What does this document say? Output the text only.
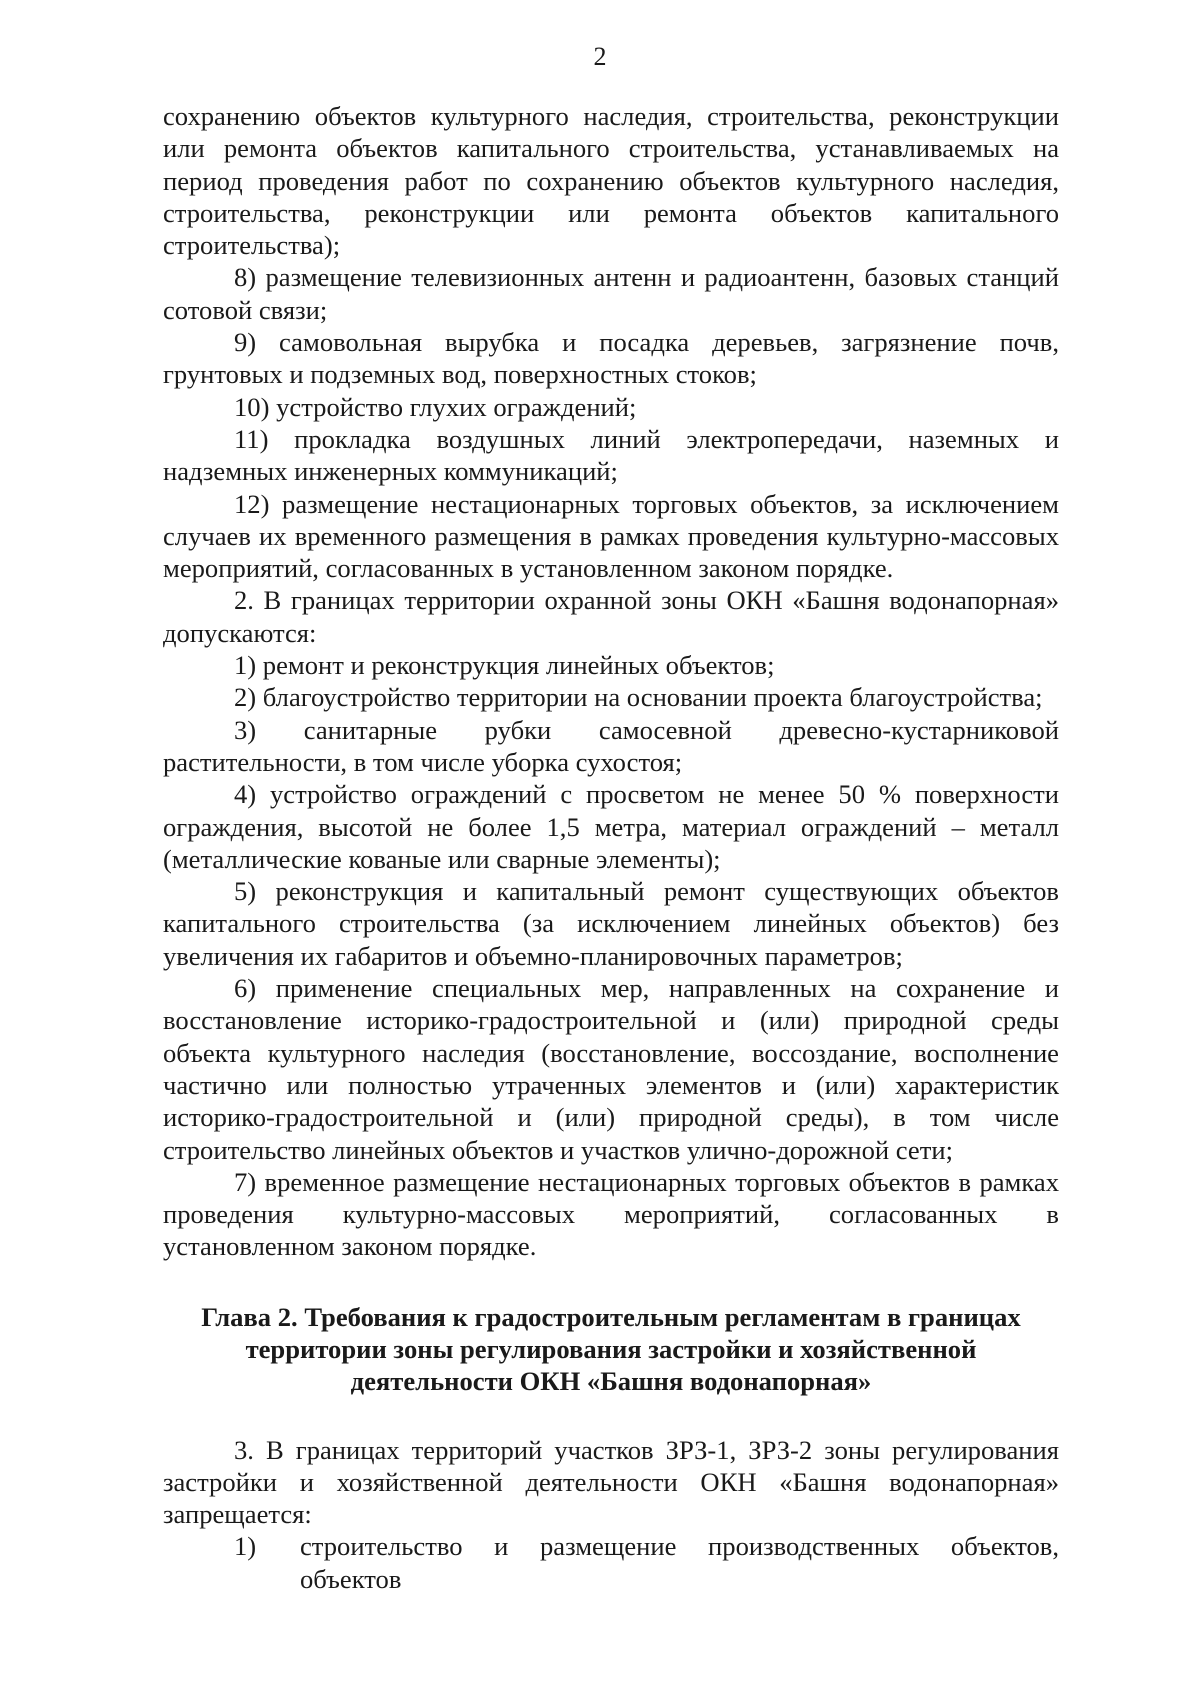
2

сохранению объектов культурного наследия, строительства, реконструкции или ремонта объектов капитального строительства, устанавливаемых на период проведения работ по сохранению объектов культурного наследия, строительства, реконструкции или ремонта объектов капитального строительства);

8) размещение телевизионных антенн и радиоантенн, базовых станций сотовой связи;

9) самовольная вырубка и посадка деревьев, загрязнение почв, грунтовых и подземных вод, поверхностных стоков;

10) устройство глухих ограждений;

11) прокладка воздушных линий электропередачи, наземных и надземных инженерных коммуникаций;

12) размещение нестационарных торговых объектов, за исключением случаев их временного размещения в рамках проведения культурно-массовых мероприятий, согласованных в установленном законом порядке.

2. В границах территории охранной зоны ОКН «Башня водонапорная» допускаются:

1) ремонт и реконструкция линейных объектов;

2) благоустройство территории на основании проекта благоустройства;

3) санитарные рубки самосевной древесно-кустарниковой растительности, в том числе уборка сухостоя;

4) устройство ограждений с просветом не менее 50 % поверхности ограждения, высотой не более 1,5 метра, материал ограждений – металл (металлические кованые или сварные элементы);

5) реконструкция и капитальный ремонт существующих объектов капитального строительства (за исключением линейных объектов) без увеличения их габаритов и объемно-планировочных параметров;

6) применение специальных мер, направленных на сохранение и восстановление историко-градостроительной и (или) природной среды объекта культурного наследия (восстановление, воссоздание, восполнение частично или полностью утраченных элементов и (или) характеристик историко-градостроительной и (или) природной среды), в том числе строительство линейных объектов и участков улично-дорожной сети;

7) временное размещение нестационарных торговых объектов в рамках проведения культурно-массовых мероприятий, согласованных в установленном законом порядке.

Глава 2. Требования к градостроительным регламентам в границах территории зоны регулирования застройки и хозяйственной деятельности ОКН «Башня водонапорная»

3. В границах территорий участков ЗРЗ-1, ЗРЗ-2 зоны регулирования застройки и хозяйственной деятельности ОКН «Башня водонапорная» запрещается:

1)	строительство и размещение производственных объектов, объектов
